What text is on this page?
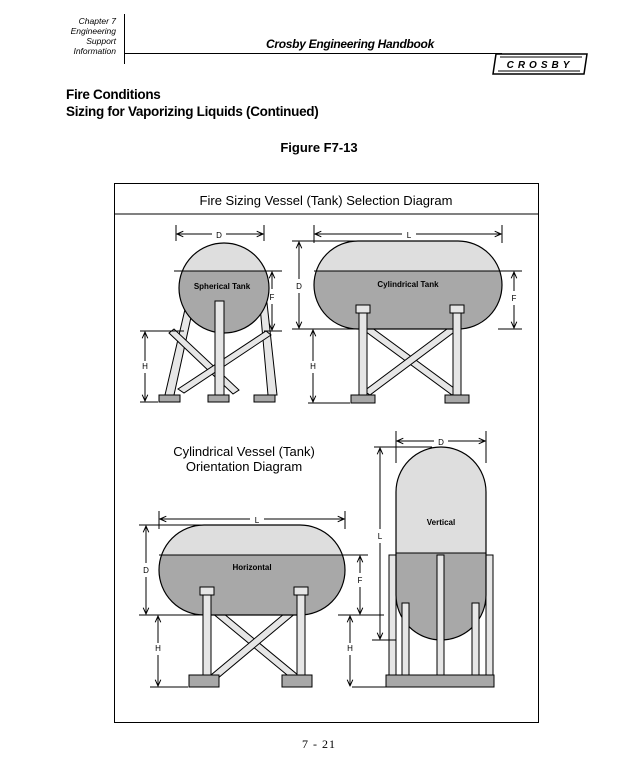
Chapter 7
Engineering
Support
Information	Crosby Engineering Handbook
CROSBY
Fire Conditions
Sizing for Vaporizing Liquids (Continued)
Figure F7-13
Fire Sizing Vessel (Tank) Selection Diagram
Spherical Tank
D
F
H
Cylindrical Tank
L
D
F
H
Cylindrical Vessel (Tank)
Orientation Diagram
Horizontal
L
D
F
H	H
Vertical
D
L
7 - 21
